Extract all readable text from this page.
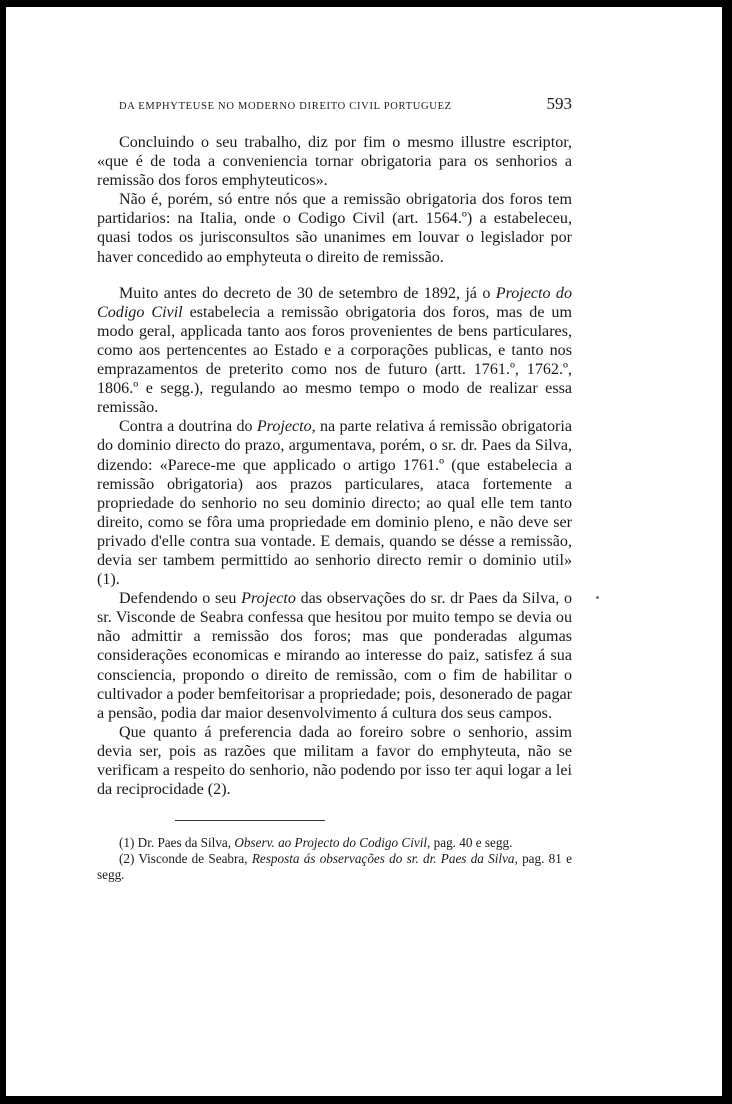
DA EMPHYTEUSE NO MODERNO DIREITO CIVIL PORTUGUEZ	593

Concluindo o seu trabalho, diz por fim o mesmo illustre escriptor, «que é de toda a conveniencia tornar obrigatoria para os senhorios a remissão dos foros emphyteuticos».

Não é, porém, só entre nós que a remissão obrigatoria dos foros tem partidarios: na Italia, onde o Codigo Civil (art. 1564.º) a estabeleceu, quasi todos os jurisconsultos são unanimes em louvar o legislador por haver concedido ao emphyteuta o direito de remissão.

Muito antes do decreto de 30 de setembro de 1892, já o Projecto do Codigo Civil estabelecia a remissão obrigatoria dos foros, mas de um modo geral, applicada tanto aos foros provenientes de bens particulares, como aos pertencentes ao Estado e a corporações publicas, e tanto nos emprazamentos de preterito como nos de futuro (artt. 1761.º, 1762.º, 1806.º e segg.), regulando ao mesmo tempo o modo de realizar essa remissão.

Contra a doutrina do Projecto, na parte relativa á remissão obrigatoria do dominio directo do prazo, argumentava, porém, o sr. dr. Paes da Silva, dizendo: «Parece-me que applicado o artigo 1761.º (que estabelecia a remissão obrigatoria) aos prazos particulares, ataca fortemente a propriedade do senhorio no seu dominio directo; ao qual elle tem tanto direito, como se fôra uma propriedade em dominio pleno, e não deve ser privado d'elle contra sua vontade. E demais, quando se désse a remissão, devia ser tambem permittido ao senhorio directo remir o dominio util» (1).

Defendendo o seu Projecto das observações do sr. dr Paes da Silva, o sr. Visconde de Seabra confessa que hesitou por muito tempo se devia ou não admittir a remissão dos foros; mas que ponderadas algumas considerações economicas e mirando ao interesse do paiz, satisfez á sua consciencia, propondo o direito de remissão, com o fim de habilitar o cultivador a poder bemfeitorisar a propriedade; pois, desonerado de pagar a pensão, podia dar maior desenvolvimento á cultura dos seus campos.

Que quanto á preferencia dada ao foreiro sobre o senhorio, assim devia ser, pois as razões que militam a favor do emphyteuta, não se verificam a respeito do senhorio, não podendo por isso ter aqui logar a lei da reciprocidade (2).

(1) Dr. Paes da Silva, Observ. ao Projecto do Codigo Civil, pag. 40 e segg.

(2) Visconde de Seabra, Resposta ás observações do sr. dr. Paes da Silva, pag. 81 e segg.
